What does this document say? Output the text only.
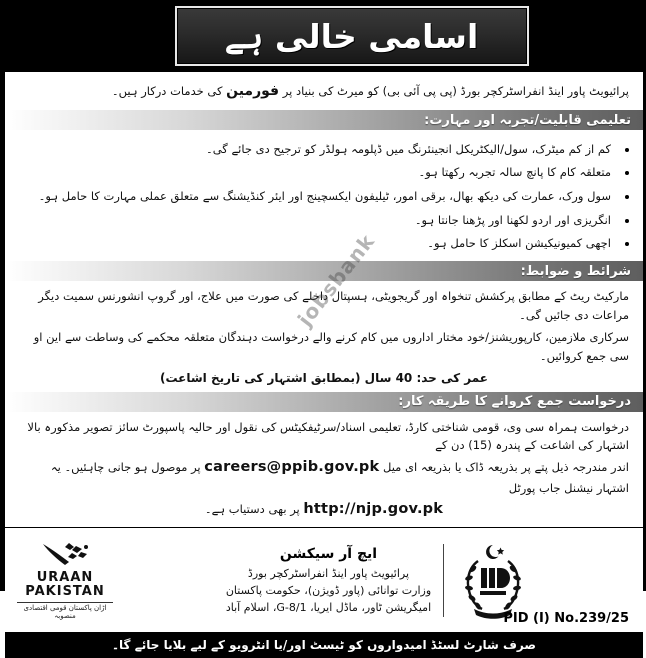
اسامی خالی ہے
پرائیویٹ پاور اینڈ انفراسٹرکچر بورڈ (پی پی آئی بی) کو میرٹ کی بنیاد پر فورمین کی خدمات درکار ہیں۔
تعلیمی قابلیت/تجربہ اور مہارت:
کم از کم میٹرک، سول/الیکٹریکل انجینئرنگ میں ڈپلومہ ہولڈر کو ترجیح دی جائے گی۔
متعلقہ کام کا پانچ سالہ تجربہ رکھتا ہو۔
سول ورک، عمارت کی دیکھ بھال، برقی امور، ٹیلیفون ایکسچینج اور ایئر کنڈیشنگ سے متعلق عملی مہارت کا حامل ہو۔
انگریزی اور اردو لکھنا اور پڑھنا جانتا ہو۔
اچھی کمیونیکیشن اسکلز کا حامل ہو۔
شرائط و ضوابط:
مارکیٹ ریٹ کے مطابق پرکشش تنخواہ اور گریجویٹی، ہسپتال داخلے کی صورت میں علاج، اور گروپ انشورنس سمیت دیگر مراعات دی جائیں گی۔
سرکاری ملازمین، کارپوریشنز/خود مختار اداروں میں کام کرنے والے درخواست دہندگان متعلقہ محکمے کی وساطت سے این او سی جمع کروائیں۔
عمر کی حد: 40 سال (بمطابق اشتہار کی تاریخ اشاعت)
درخواست جمع کروانے کا طریقہ کار:
درخواست ہمراہ سی وی، قومی شناختی کارڈ، تعلیمی اسناد/سرٹیفکیٹس کی نقول اور حالیہ پاسپورٹ سائز تصویر مذکورہ بالا اشتہار کی اشاعت کے پندرہ (15) دن کے
اندر مندرجہ ذیل پتے پر بذریعہ ڈاک یا بذریعہ ای میل careers@ppib.gov.pk پر موصول ہو جانی چاہئیں۔ یہ اشتہار نیشنل جاب پورٹل
http://njp.gov.pk پر بھی دستیاب ہے۔
jobsbank
URAAN
PAKISTAN
اڑان پاکستان قومی اقتصادی منصوبہ
ایچ آر سیکشن
پرائیویٹ پاور اینڈ انفراسٹرکچر بورڈ
وزارت توانائی (پاور ڈویژن)، حکومت پاکستان
امیگریشن ٹاور، ماڈل ایریا، G-8/1، اسلام آباد
PID (I) No.239/25
صرف شارٹ لسٹڈ امیدواروں کو ٹیسٹ اور/یا انٹرویو کے لیے بلایا جائے گا۔
